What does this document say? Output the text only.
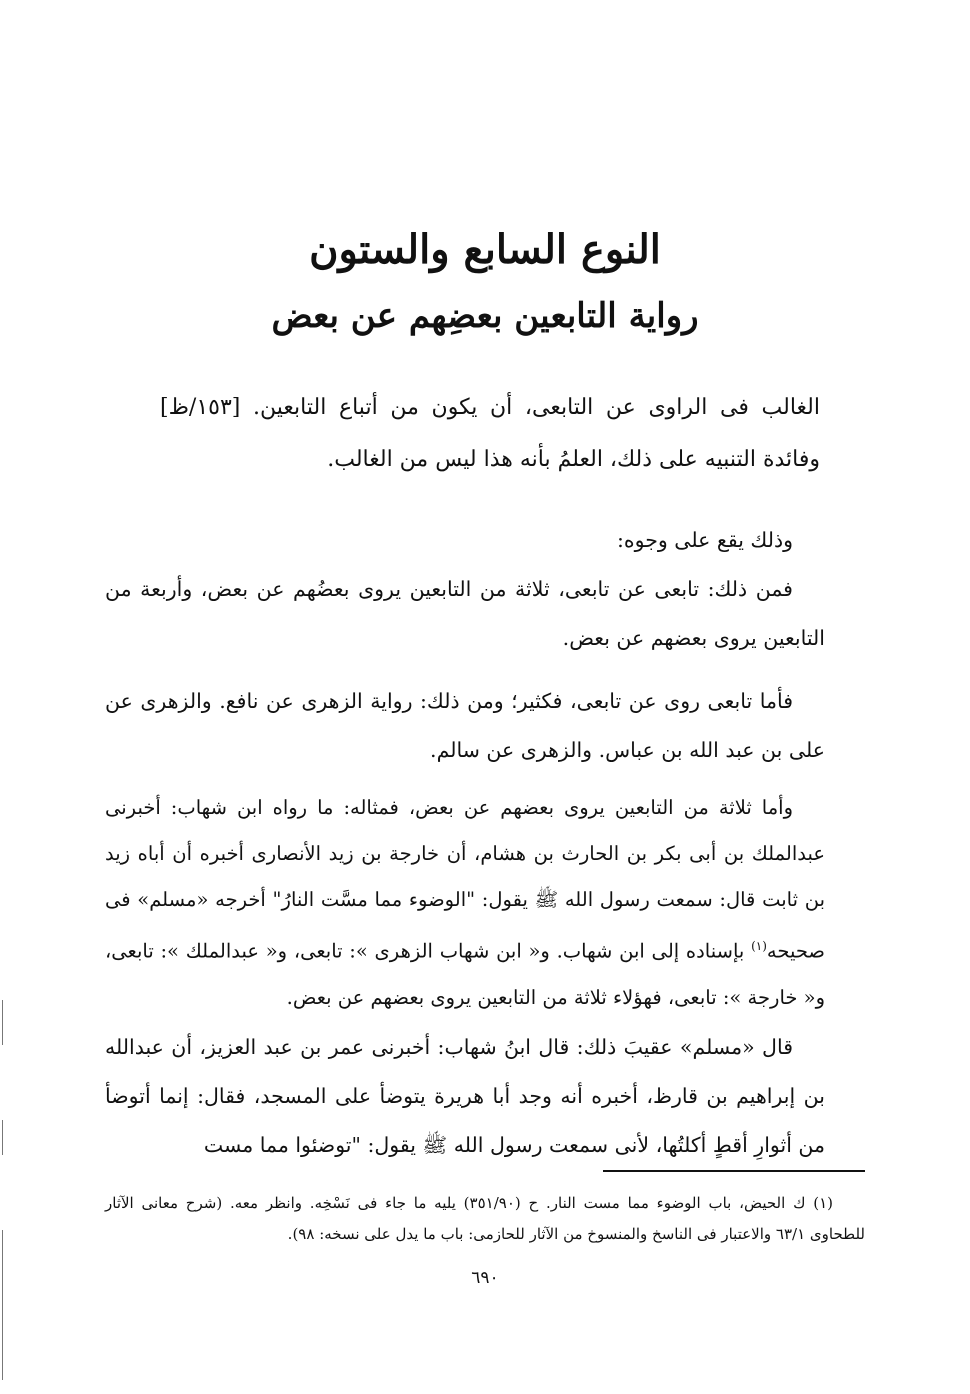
النوع السابع والستون
رواية التابعين بعضِهم عن بعض

الغالب فى الراوى عن التابعى، أن يكون من أتباع التابعين. [١٥٣/ظ] وفائدة التنبيه على ذلك، العلمُ بأنه هذا ليس من الغالب.

وذلك يقع على وجوه:
فمن ذلك: تابعى عن تابعى، ثلاثة من التابعين يروى بعضُهم عن بعض، وأربعة من التابعين يروى بعضهم عن بعض.

فأما تابعى روى عن تابعى، فكثير؛ ومن ذلك: رواية الزهرى عن نافع. والزهرى عن على بن عبد الله بن عباس. والزهرى عن سالم.

وأما ثلاثة من التابعين يروى بعضهم عن بعض، فمثاله: ما رواه ابن شهاب: أخبرنى عبدالملك بن أبى بكر بن الحارث بن هشام، أن خارجة بن زيد الأنصارى أخبره أن أباه زيد بن ثابت قال: سمعت رسول الله ﷺ يقول: "الوضوء مما مسَّت النارُ" أخرجه «مسلم» فى صحيحه$^{(١)}$ بإسناده إلى ابن شهاب. و« ابن شهاب الزهرى »: تابعى، و« عبدالملك »: تابعى، و« خارجة »: تابعى، فهؤلاء ثلاثة من التابعين يروى بعضهم عن بعض.

قال «مسلم» عقيبَ ذلك: قال ابنُ شهاب: أخبرنى عمر بن عبد العزيز، أن عبدالله بن إبراهيم بن قارظ، أخبره أنه وجد أبا هريرة يتوضأ على المسجد، فقال: إنما أتوضأ من أثوارِ أقطٍ أكلتُها، لأنى سمعت رسول الله ﷺ يقول: "توضئوا مما مست

(١) ك الحيض، باب الوضوء مما مست النار. ح (٣٥١/٩٠) يليه ما جاء فى نَسْخِه. وانظر معه. (شرح معانى الآثار للطحاوى ٦٣/١ والاعتبار فى الناسخ والمنسوخ من الآثار للحازمى: باب ما يدل على نسخه: ٩٨).

٦٩٠
